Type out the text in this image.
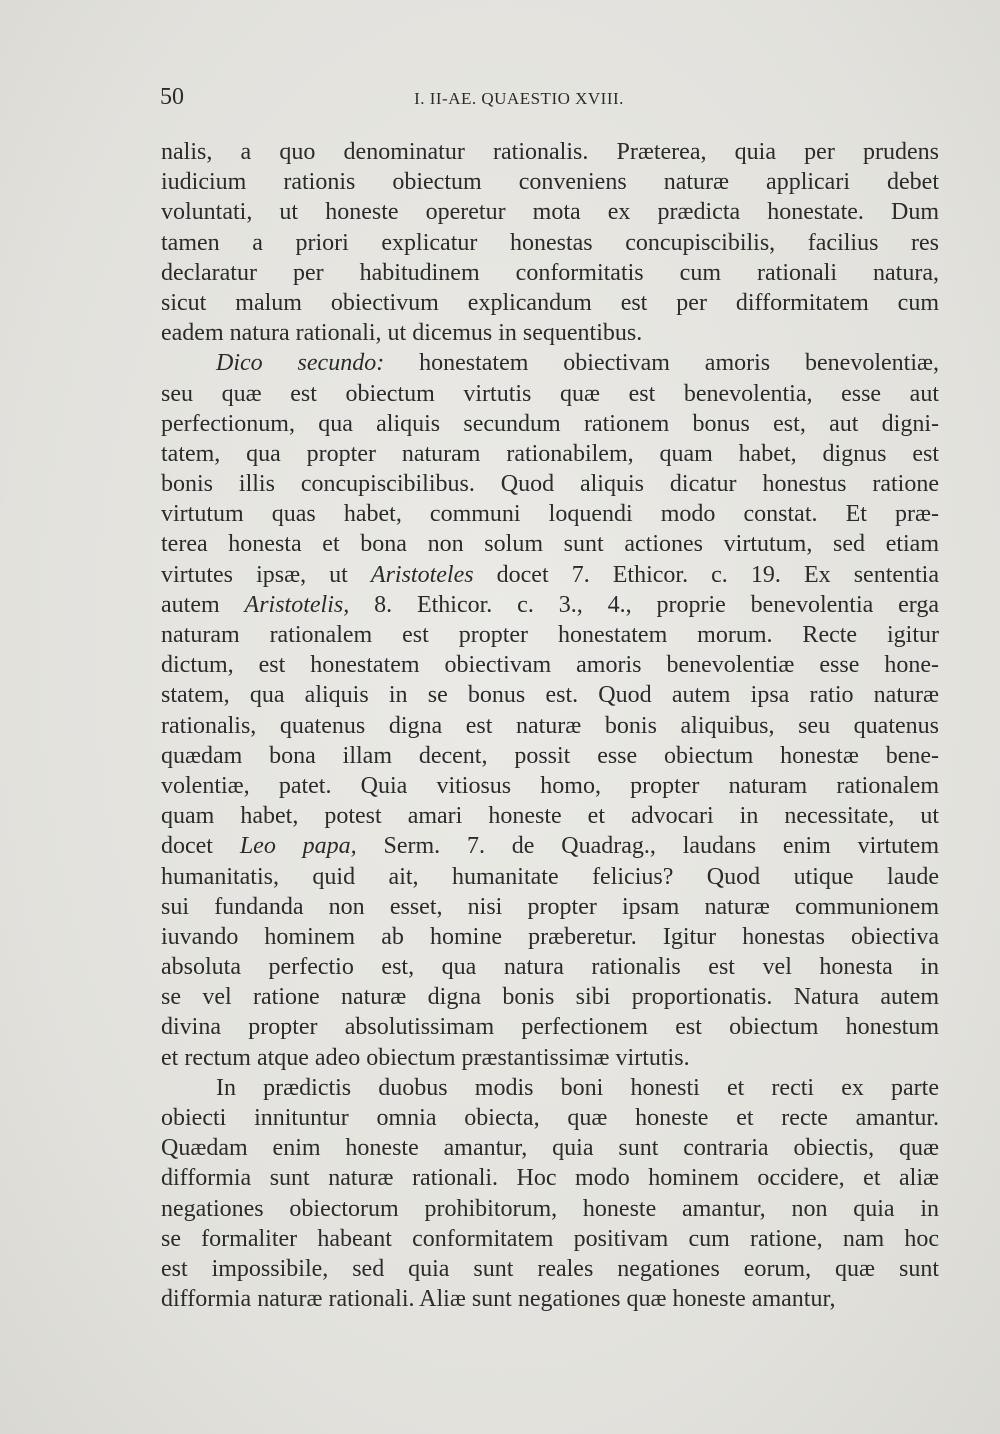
50	I. II-AE. QUAESTIO XVIII.
nalis, a quo denominatur rationalis. Præterea, quia per prudens
iudicium rationis obiectum conveniens naturæ applicari debet
voluntati, ut honeste operetur mota ex prædicta honestate. Dum
tamen a priori explicatur honestas concupiscibilis, facilius res
declaratur per habitudinem conformitatis cum rationali natura,
sicut malum obiectivum explicandum est per difformitatem cum
eadem natura rationali, ut dicemus in sequentibus.
Dico secundo: honestatem obiectivam amoris benevolentiæ,
seu quæ est obiectum virtutis quæ est benevolentia, esse aut
perfectionum, qua aliquis secundum rationem bonus est, aut digni-
tatem, qua propter naturam rationabilem, quam habet, dignus est
bonis illis concupiscibilibus. Quod aliquis dicatur honestus ratione
virtutum quas habet, communi loquendi modo constat. Et præ-
terea honesta et bona non solum sunt actiones virtutum, sed etiam
virtutes ipsæ, ut Aristoteles docet 7. Ethicor. c. 19. Ex sententia
autem Aristotelis, 8. Ethicor. c. 3., 4., proprie benevolentia erga
naturam rationalem est propter honestatem morum. Recte igitur
dictum, est honestatem obiectivam amoris benevolentiæ esse hone-
statem, qua aliquis in se bonus est. Quod autem ipsa ratio naturæ
rationalis, quatenus digna est naturæ bonis aliquibus, seu quatenus
quædam bona illam decent, possit esse obiectum honestæ bene-
volentiæ, patet. Quia vitiosus homo, propter naturam rationalem
quam habet, potest amari honeste et advocari in necessitate, ut
docet Leo papa, Serm. 7. de Quadrag., laudans enim virtutem
humanitatis, quid ait, humanitate felicius? Quod utique laude
sui fundanda non esset, nisi propter ipsam naturæ communionem
iuvando hominem ab homine præberetur. Igitur honestas obiectiva
absoluta perfectio est, qua natura rationalis est vel honesta in
se vel ratione naturæ digna bonis sibi proportionatis. Natura autem
divina propter absolutissimam perfectionem est obiectum honestum
et rectum atque adeo obiectum præstantissimæ virtutis.
In prædictis duobus modis boni honesti et recti ex parte
obiecti innituntur omnia obiecta, quæ honeste et recte amantur.
Quædam enim honeste amantur, quia sunt contraria obiectis, quæ
difformia sunt naturæ rationali. Hoc modo hominem occidere, et aliæ
negationes obiectorum prohibitorum, honeste amantur, non quia in
se formaliter habeant conformitatem positivam cum ratione, nam hoc
est impossibile, sed quia sunt reales negationes eorum, quæ sunt
difformia naturæ rationali. Aliæ sunt negationes quæ honeste amantur,
